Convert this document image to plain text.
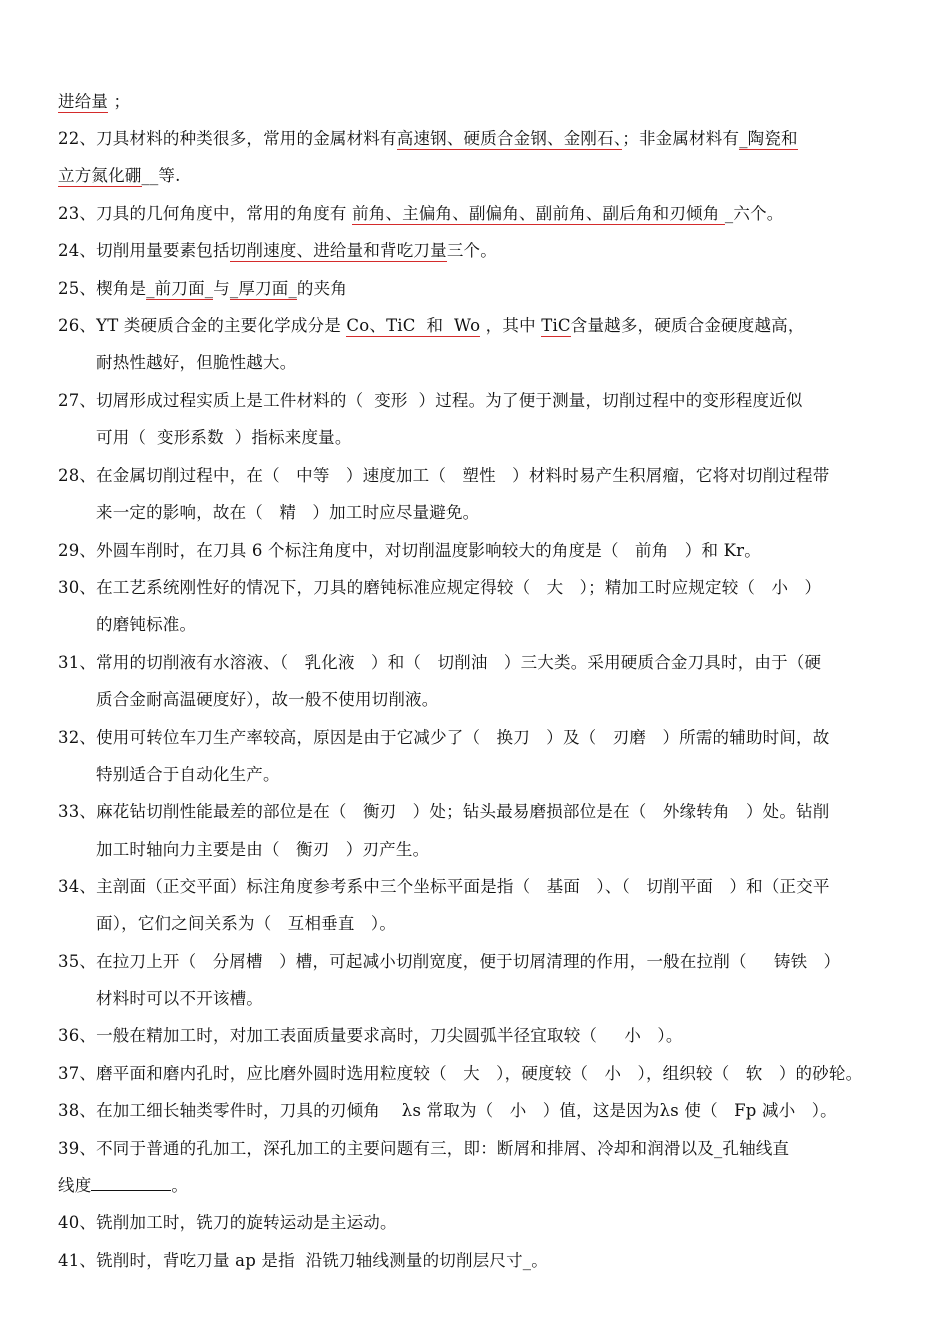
进给量 ；
22、刀具材料的种类很多，常用的金属材料有高速钢、硬质合金钢、金刚石、；非金属材料有_陶瓷和
立方氮化硼__等.
23、刀具的几何角度中，常用的角度有 前角、主偏角、副偏角、副前角、副后角和刃倾角 _六个。
24、切削用量要素包括切削速度、进给量和背吃刀量三个。
25、楔角是_前刀面_与_厚刀面_的夹角
26、YT 类硬质合金的主要化学成分是 Co、TiC  和  Wo ，其中 TiC含量越多，硬质合金硬度越高，
耐热性越好，但脆性越大。
27、切屑形成过程实质上是工件材料的（  变形  ）过程。为了便于测量，切削过程中的变形程度近似
可用（  变形系数  ）指标来度量。
28、在金属切削过程中，在（   中等   ）速度加工（   塑性   ）材料时易产生积屑瘤，它将对切削过程带
来一定的影响，故在（   精   ）加工时应尽量避免。
29、外圆车削时，在刀具 6 个标注角度中，对切削温度影响较大的角度是（   前角   ）和 Kr。
30、在工艺系统刚性好的情况下，刀具的磨钝标准应规定得较（   大   ）；精加工时应规定较（   小   ）
的磨钝标准。
31、常用的切削液有水溶液、（   乳化液   ）和（   切削油   ）三大类。采用硬质合金刀具时，由于（硬
质合金耐高温硬度好），故一般不使用切削液。
32、使用可转位车刀生产率较高，原因是由于它减少了（   换刀   ）及（   刃磨   ）所需的辅助时间，故
特别适合于自动化生产。
33、麻花钻切削性能最差的部位是在（   衡刃   ）处；钻头最易磨损部位是在（   外缘转角   ）处。钻削
加工时轴向力主要是由（   衡刃   ）刃产生。
34、主剖面（正交平面）标注角度参考系中三个坐标平面是指（   基面   ）、（   切削平面   ）和（正交平
面），它们之间关系为（   互相垂直   ）。
35、在拉刀上开（   分屑槽   ）槽，可起减小切削宽度，便于切屑清理的作用，一般在拉削（     铸铁   ）
材料时可以不开该槽。
36、一般在精加工时，对加工表面质量要求高时，刀尖圆弧半径宜取较（     小   ）。
37、磨平面和磨内孔时，应比磨外圆时选用粒度较（   大   ），硬度较（   小   ），组织较（   软   ）的砂轮。
38、在加工细长轴类零件时，刀具的刃倾角    λs 常取为（   小   ）值，这是因为λs 使（   Fp 减小   ）。
39、不同于普通的孔加工，深孔加工的主要问题有三，即：断屑和排屑、冷却和润滑以及_孔轴线直
线度	。
40、铣削加工时，铣刀的旋转运动是主运动。
41、铣削时，背吃刀量 ap 是指  沿铣刀轴线测量的切削层尺寸_。
